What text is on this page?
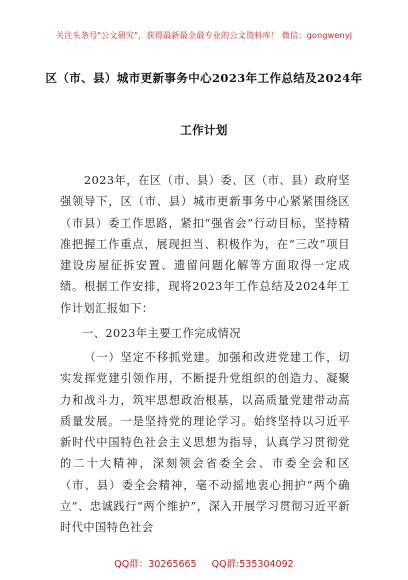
关注头条号"公文研究"，获得最新最全最专业的公文资料库！ 微信：gongwenyj
区（市、县）城市更新事务中心2023年工作总结及2024年
工作计划
2023年，在区（市、县）委、区（市、县）政府坚强领导下，区（市、县）城市更新事务中心紧紧围绕区（市县）委工作思路，紧扣“强省会”行动目标，坚持精准把握工作重点，展现担当、积极作为，在“三改”项目建设房屋征拆安置、遗留问题化解等方面取得一定成绩。根据工作安排，现将2023年工作总结及2024年工作计划汇报如下：
一、2023年主要工作完成情况
（一）坚定不移抓党建。加强和改进党建工作，切实发挥党建引领作用，不断提升党组织的创造力、凝聚力和战斗力，筑牢思想政治根基，以高质量党建带动高质量发展。一是坚持党的理论学习。始终坚持以习近平新时代中国特色社会主义思想为指导，认真学习贯彻党的二十大精神，深刻领会省委全会、市委全会和区（市、县）委全会精神，毫不动摇地衷心拥护“两个确立”、忠诚践行“两个维护”，深入开展学习贯彻习近平新时代中国特色社会
QQ群：30265665 QQ群:535304092
